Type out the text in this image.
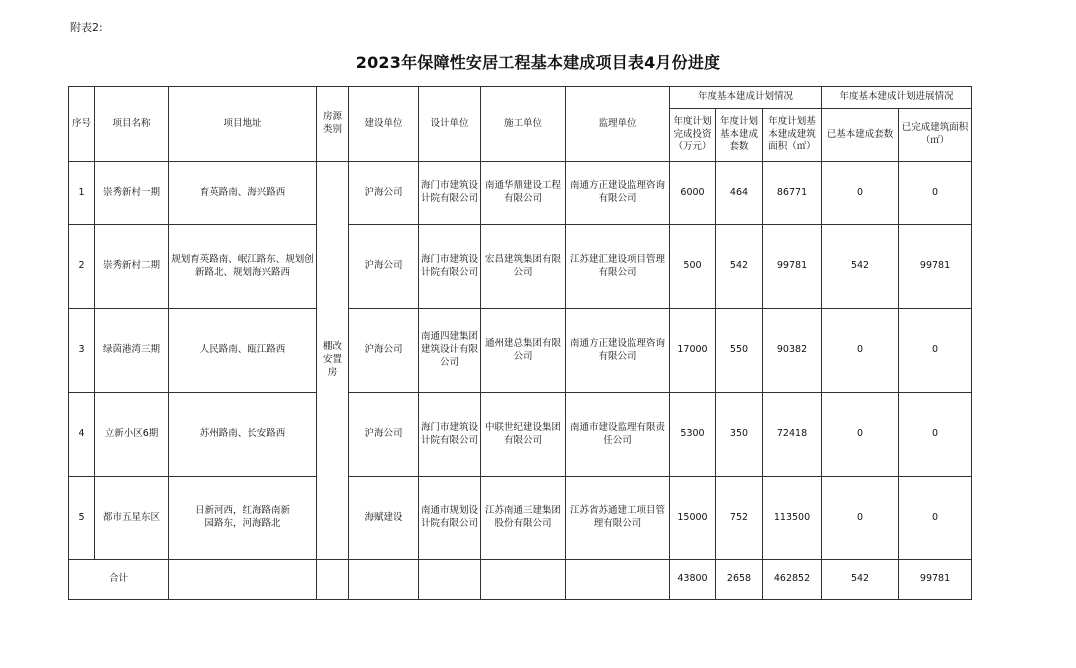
附表2:
2023年保障性安居工程基本建成项目表4月份进度
序号	项目名称	项目地址	房源类别	建设单位	设计单位	施工单位	监理单位	年度基本建成计划情况			年度基本建成计划进展情况	
								年度计划完成投资（万元）	年度计划基本建成套数	年度计划基本建成建筑面积（㎡）	已基本建成套数	已完成建筑面积（㎡）
1	崇秀新村一期	育英路南、海兴路西	棚改安置房	沪海公司	海门市建筑设计院有限公司	南通华鼎建设工程有限公司	南通方正建设监理咨询有限公司	6000	464	86771	0	0
2	崇秀新村二期	规划育英路南、岷江路东、规划创新路北、规划海兴路西		沪海公司	海门市建筑设计院有限公司	宏昌建筑集团有限公司	江苏建汇建设项目管理有限公司	500	542	99781	542	99781
3	绿茵港湾三期	人民路南、瓯江路西		沪海公司	南通四建集团建筑设计有限公司	通州建总集团有限公司	南通方正建设监理咨询有限公司	17000	550	90382	0	0
4	立新小区6期	苏州路南、长安路西		沪海公司	海门市建筑设计院有限公司	中联世纪建设集团有限公司	南通市建设监理有限责任公司	5300	350	72418	0	0
5	都市五星东区	日新河西，红海路南新园路东，河海路北		海赋建设	南通市规划设计院有限公司	江苏南通三建集团股份有限公司	江苏省苏通建工项目管理有限公司	15000	752	113500	0	0
合计								43800	2658	462852	542	99781
